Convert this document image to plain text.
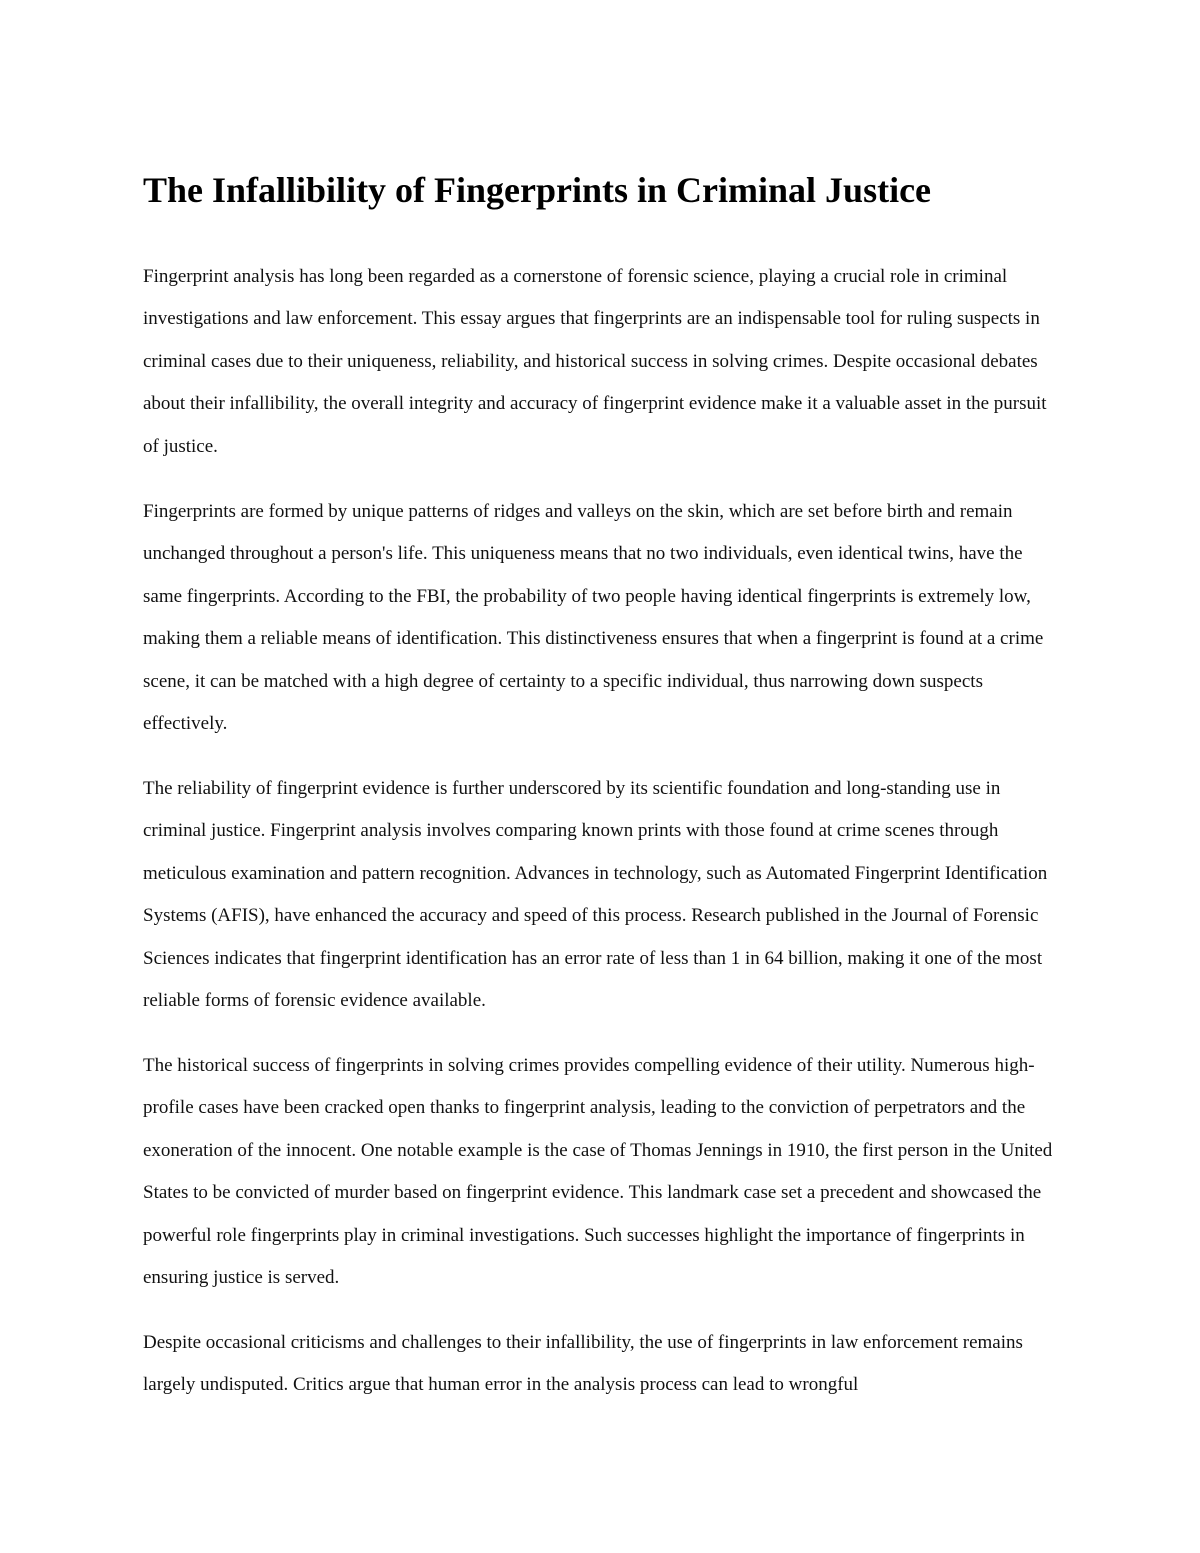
The Infallibility of Fingerprints in Criminal Justice

Fingerprint analysis has long been regarded as a cornerstone of forensic science, playing a crucial role in criminal investigations and law enforcement. This essay argues that fingerprints are an indispensable tool for ruling suspects in criminal cases due to their uniqueness, reliability, and historical success in solving crimes. Despite occasional debates about their infallibility, the overall integrity and accuracy of fingerprint evidence make it a valuable asset in the pursuit of justice.

Fingerprints are formed by unique patterns of ridges and valleys on the skin, which are set before birth and remain unchanged throughout a person's life. This uniqueness means that no two individuals, even identical twins, have the same fingerprints. According to the FBI, the probability of two people having identical fingerprints is extremely low, making them a reliable means of identification. This distinctiveness ensures that when a fingerprint is found at a crime scene, it can be matched with a high degree of certainty to a specific individual, thus narrowing down suspects effectively.

The reliability of fingerprint evidence is further underscored by its scientific foundation and long-standing use in criminal justice. Fingerprint analysis involves comparing known prints with those found at crime scenes through meticulous examination and pattern recognition. Advances in technology, such as Automated Fingerprint Identification Systems (AFIS), have enhanced the accuracy and speed of this process. Research published in the Journal of Forensic Sciences indicates that fingerprint identification has an error rate of less than 1 in 64 billion, making it one of the most reliable forms of forensic evidence available.

The historical success of fingerprints in solving crimes provides compelling evidence of their utility. Numerous high-profile cases have been cracked open thanks to fingerprint analysis, leading to the conviction of perpetrators and the exoneration of the innocent. One notable example is the case of Thomas Jennings in 1910, the first person in the United States to be convicted of murder based on fingerprint evidence. This landmark case set a precedent and showcased the powerful role fingerprints play in criminal investigations. Such successes highlight the importance of fingerprints in ensuring justice is served.

Despite occasional criticisms and challenges to their infallibility, the use of fingerprints in law enforcement remains largely undisputed. Critics argue that human error in the analysis process can lead to wrongful
